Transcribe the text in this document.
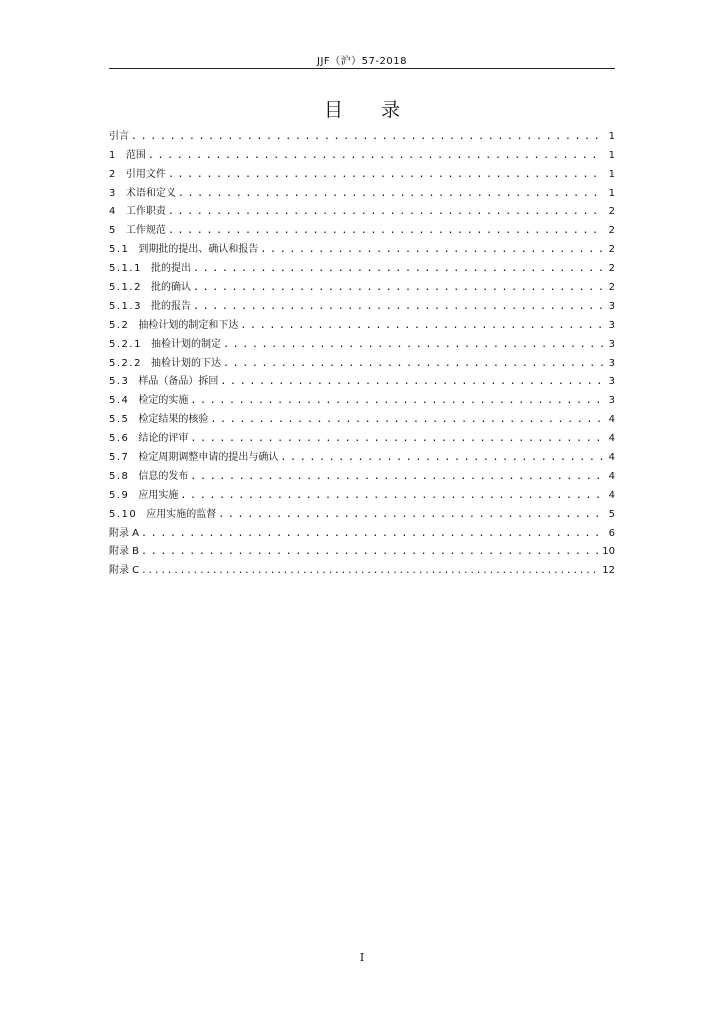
JJF（沪）57-2018
目录
引言 . . .	1
1 范围 . . .	1
2 引用文件 . . .	1
3 术语和定义 . . .	1
4 工作职责 . . .	2
5 工作规范 . . .	2
5.1 到期批的提出、确认和报告 . . .	2
5.1.1 批的提出 . . .	2
5.1.2 批的确认 . . .	2
5.1.3 批的报告 . . .	3
5.2 抽检计划的制定和下达 . . .	3
5.2.1 抽检计划的制定 . . .	3
5.2.2 抽检计划的下达 . . .	3
5.3 样品（备品）拆回 . . .	3
5.4 检定的实施 . . .	3
5.5 检定结果的核验 . . .	4
5.6 结论的评审 . . .	4
5.7 检定周期调整申请的提出与确认 . . .	4
5.8 信息的发布 . . .	4
5.9 应用实施 . . .	4
5.10 应用实施的监督 . . .	5
附录 A . . .	6
附录 B . . .	10
附录 C . . .	12
I
